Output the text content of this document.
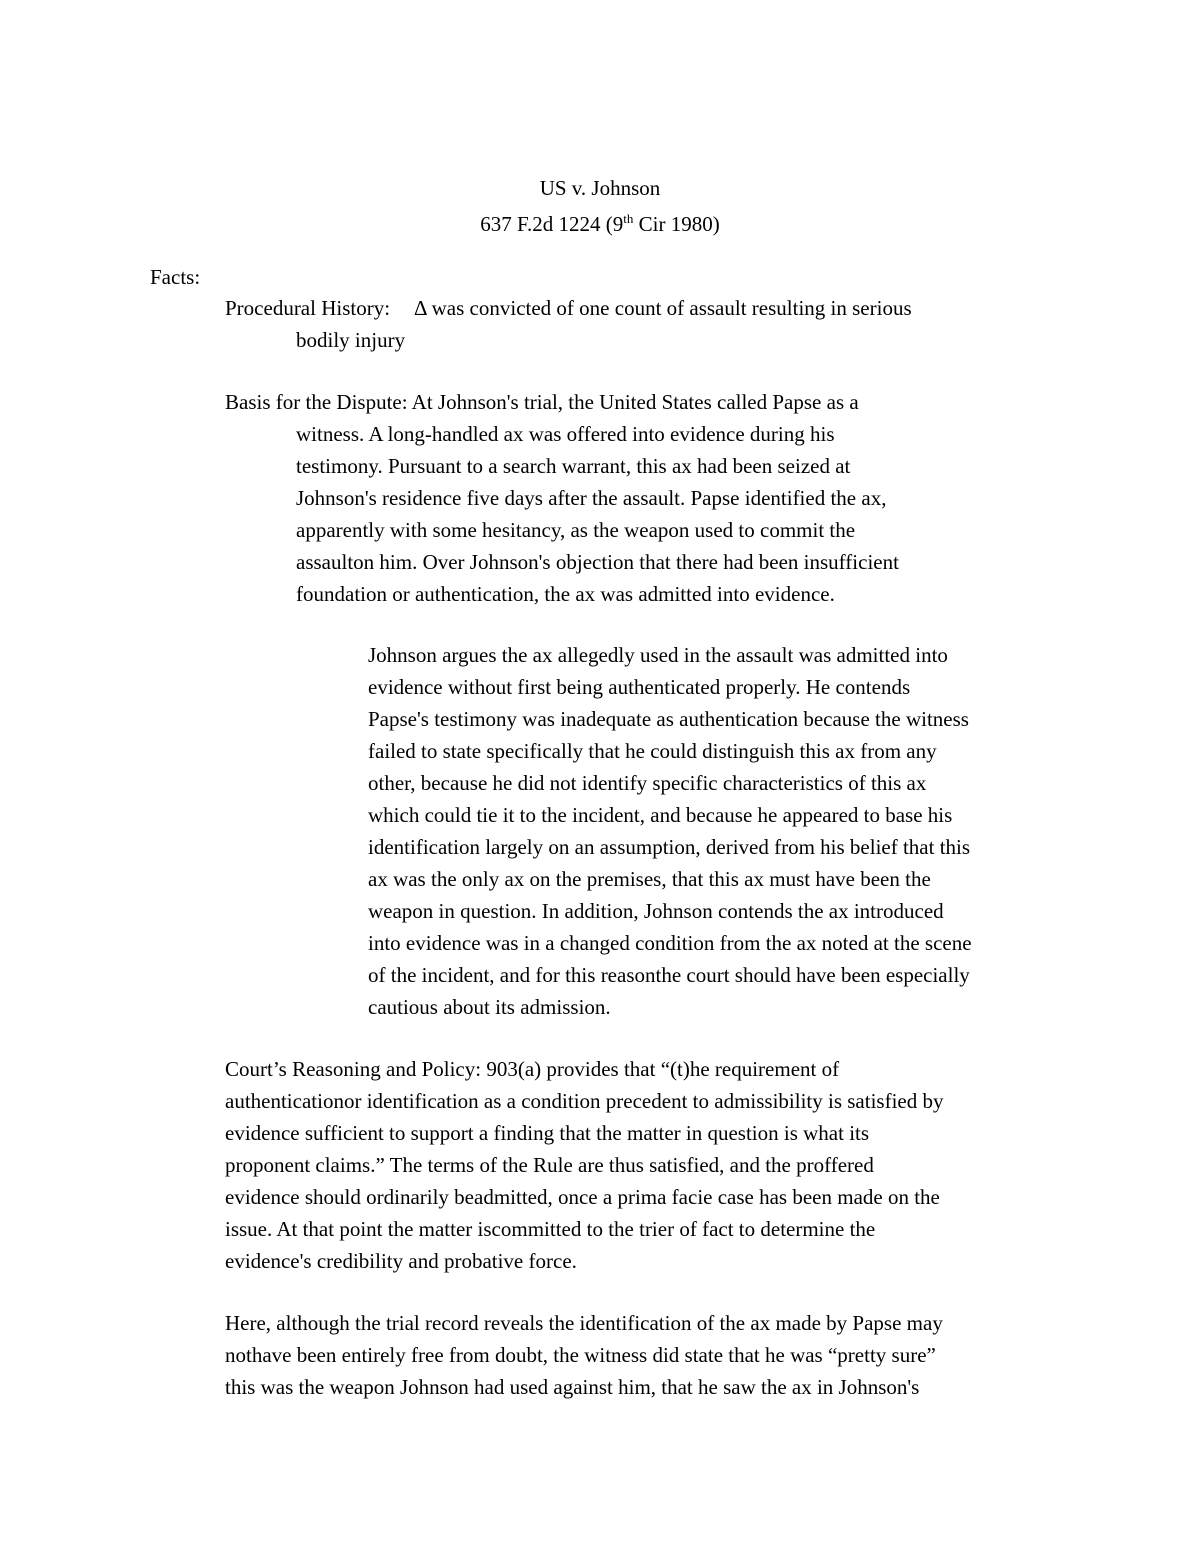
US v. Johnson
637 F.2d 1224 (9th Cir 1980)
Facts:
Procedural History: Δ was convicted of one count of assault resulting in serious
bodily injury
Basis for the Dispute: At Johnson's trial, the United States called Papse as a
witness. A long-handled ax was offered into evidence during his
testimony. Pursuant to a search warrant, this ax had been seized at
Johnson's residence five days after the assault. Papse identified the ax,
apparently with some hesitancy, as the weapon used to commit the
assaulton him. Over Johnson's objection that there had been insufficient
foundation or authentication, the ax was admitted into evidence.
Johnson argues the ax allegedly used in the assault was admitted into
evidence without first being authenticated properly. He contends
Papse's testimony was inadequate as authentication because the witness
failed to state specifically that he could distinguish this ax from any
other, because he did not identify specific characteristics of this ax
which could tie it to the incident, and because he appeared to base his
identification largely on an assumption, derived from his belief that this
ax was the only ax on the premises, that this ax must have been the
weapon in question. In addition, Johnson contends the ax introduced
into evidence was in a changed condition from the ax noted at the scene
of the incident, and for this reasonthe court should have been especially
cautious about its admission.
Court’s Reasoning and Policy: 903(a) provides that “(t)he requirement of
authenticationor identification as a condition precedent to admissibility is satisfied by
evidence sufficient to support a finding that the matter in question is what its
proponent claims.” The terms of the Rule are thus satisfied, and the proffered
evidence should ordinarily beadmitted, once a prima facie case has been made on the
issue. At that point the matter iscommitted to the trier of fact to determine the
evidence's credibility and probative force.
Here, although the trial record reveals the identification of the ax made by Papse may
nothave been entirely free from doubt, the witness did state that he was “pretty sure”
this was the weapon Johnson had used against him, that he saw the ax in Johnson's
